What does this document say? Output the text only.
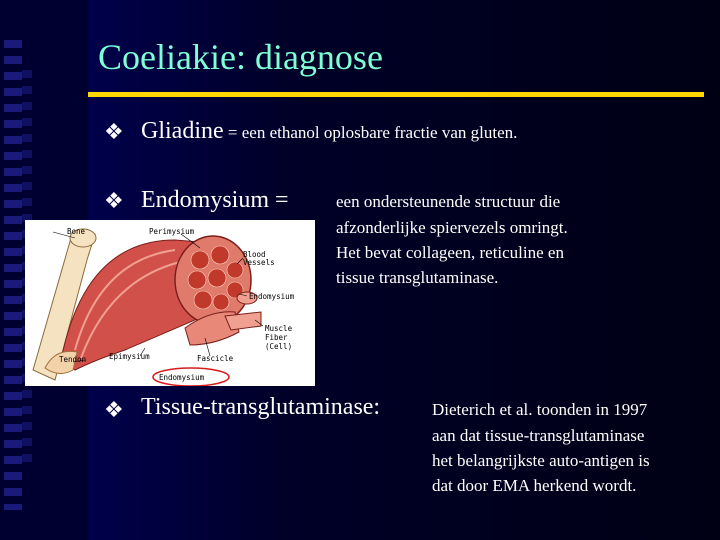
Coeliakie: diagnose
❖ Gliadine = een ethanol oplosbare fractie van gluten.
❖ Endomysium =	een ondersteunende structuur die
afzonderlijke spiervezels omringt.
Het bevat collageen, reticuline en
tissue transglutaminase.
Bone	Perimysium
Blood
Vessels
Endomysium
Muscle
Fiber
(Cell)
Tendon	Epimysium	Fascicle
Endomysium
❖ Tissue-transglutaminase:	Dieterich et al. toonden in 1997
aan dat tissue-transglutaminase
het belangrijkste auto-antigen is
dat door EMA herkend wordt.
